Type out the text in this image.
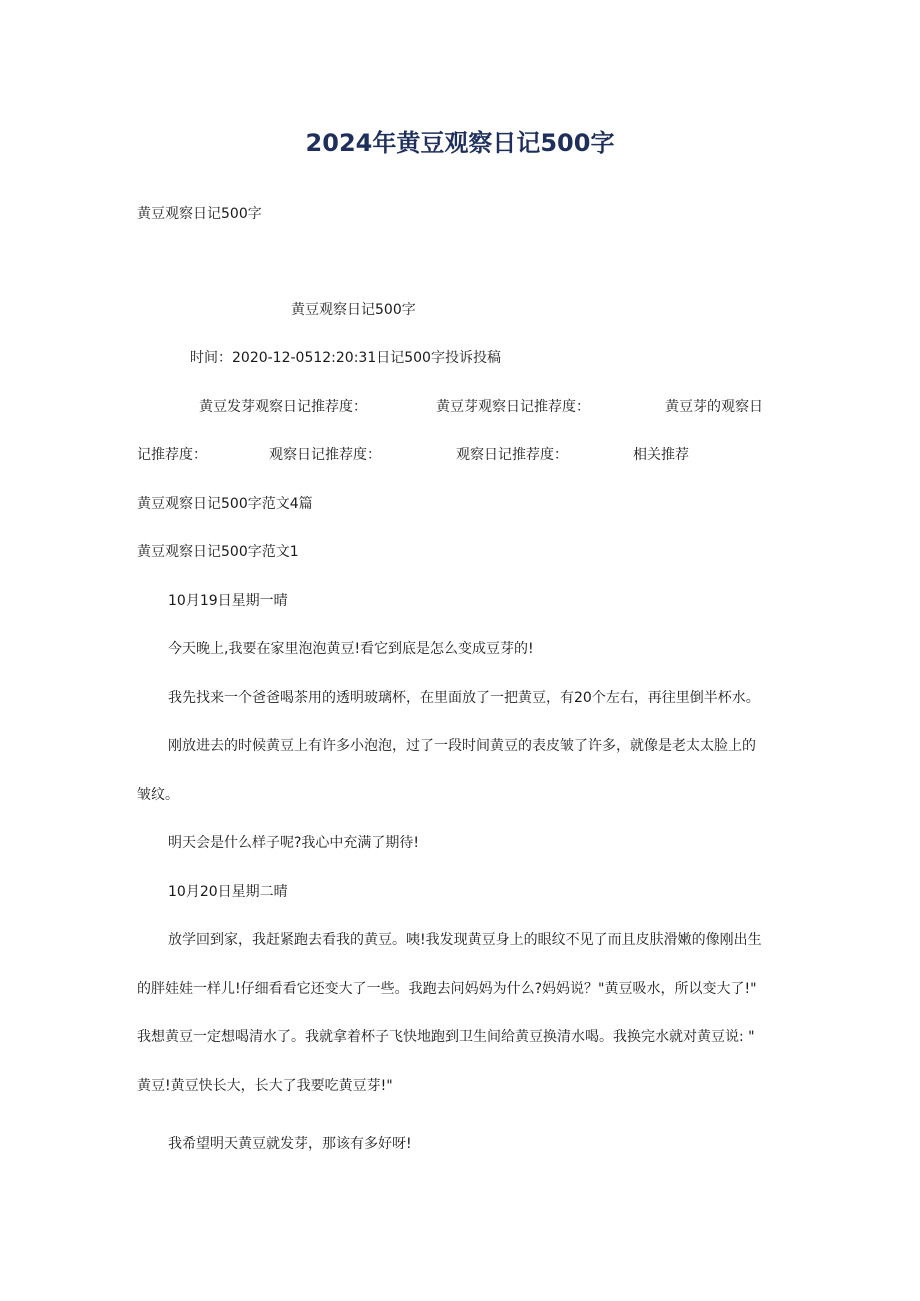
2024年黄豆观察日记500字
黄豆观察日记500字
黄豆观察日记500字
时间：2020-12-0512:20:31日记500字投诉投稿
黄豆发芽观察日记推荐度：	黄豆芽观察日记推荐度：	黄豆芽的观察日
记推荐度：	观察日记推荐度：	观察日记推荐度：	相关推荐
黄豆观察日记500字范文4篇
黄豆观察日记500字范文1
10月19日星期一晴
今天晚上,我要在家里泡泡黄豆!看它到底是怎么变成豆芽的!
我先找来一个爸爸喝茶用的透明玻璃杯，在里面放了一把黄豆，有20个左右，再往里倒半杯水。
刚放进去的时候黄豆上有许多小泡泡，过了一段时间黄豆的表皮皱了许多，就像是老太太脸上的
皱纹。
明天会是什么样子呢?我心中充满了期待!
10月20日星期二晴
放学回到家，我赶紧跑去看我的黄豆。咦!我发现黄豆身上的眼纹不见了而且皮肤滑嫩的像刚出生
的胖娃娃一样儿!仔细看看它还变大了一些。我跑去问妈妈为什么?妈妈说？"黄豆吸水，所以变大了!"
我想黄豆一定想喝清水了。我就拿着杯子飞快地跑到卫生间给黄豆换清水喝。我换完水就对黄豆说: "
黄豆!黄豆快长大，长大了我要吃黄豆芽!"
我希望明天黄豆就发芽，那该有多好呀!
